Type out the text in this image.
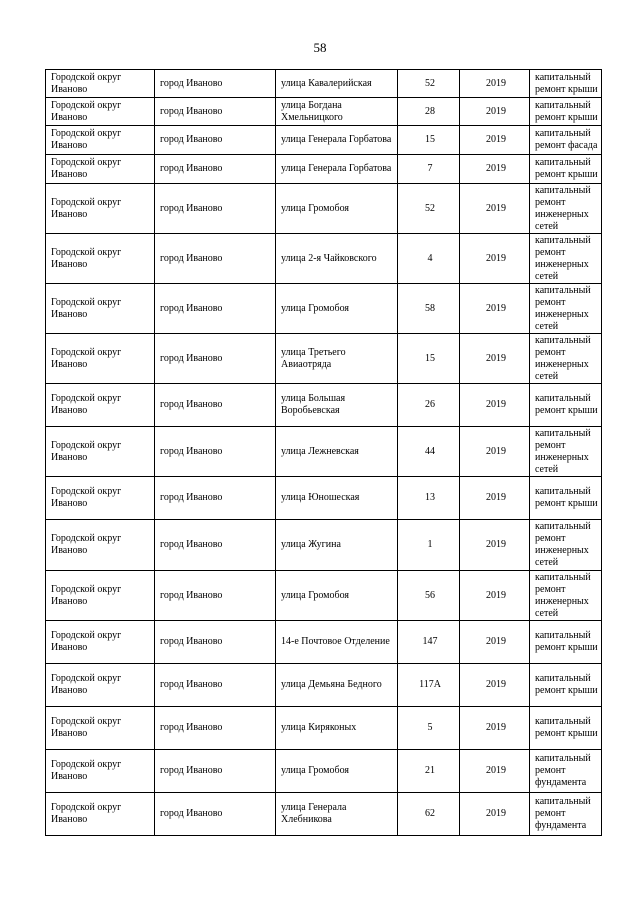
58
Городской округ Иваново	город Иваново	улица Кавалерийская	52	2019	капитальный ремонт крыши
Городской округ Иваново	город Иваново	улица Богдана Хмельницкого	28	2019	капитальный ремонт крыши
Городской округ Иваново	город Иваново	улица Генерала Горбатова	15	2019	капитальный ремонт фасада
Городской округ Иваново	город Иваново	улица Генерала Горбатова	7	2019	капитальный ремонт крыши
Городской округ Иваново	город Иваново	улица Громобоя	52	2019	капитальный ремонт инженерных сетей
Городской округ Иваново	город Иваново	улица 2-я Чайковского	4	2019	капитальный ремонт инженерных сетей
Городской округ Иваново	город Иваново	улица Громобоя	58	2019	капитальный ремонт инженерных сетей
Городской округ Иваново	город Иваново	улица Третьего Авиаотряда	15	2019	капитальный ремонт инженерных сетей
Городской округ Иваново	город Иваново	улица Большая Воробьевская	26	2019	капитальный ремонт крыши
Городской округ Иваново	город Иваново	улица Лежневская	44	2019	капитальный ремонт инженерных сетей
Городской округ Иваново	город Иваново	улица Юношеская	13	2019	капитальный ремонт крыши
Городской округ Иваново	город Иваново	улица Жугина	1	2019	капитальный ремонт инженерных сетей
Городской округ Иваново	город Иваново	улица Громобоя	56	2019	капитальный ремонт инженерных сетей
Городской округ Иваново	город Иваново	14-е Почтовое Отделение	147	2019	капитальный ремонт крыши
Городской округ Иваново	город Иваново	улица Демьяна Бедного	117А	2019	капитальный ремонт крыши
Городской округ Иваново	город Иваново	улица Киряконых	5	2019	капитальный ремонт крыши
Городской округ Иваново	город Иваново	улица Громобоя	21	2019	капитальный ремонт фундамента
Городской округ Иваново	город Иваново	улица Генерала Хлебникова	62	2019	капитальный ремонт фундамента
